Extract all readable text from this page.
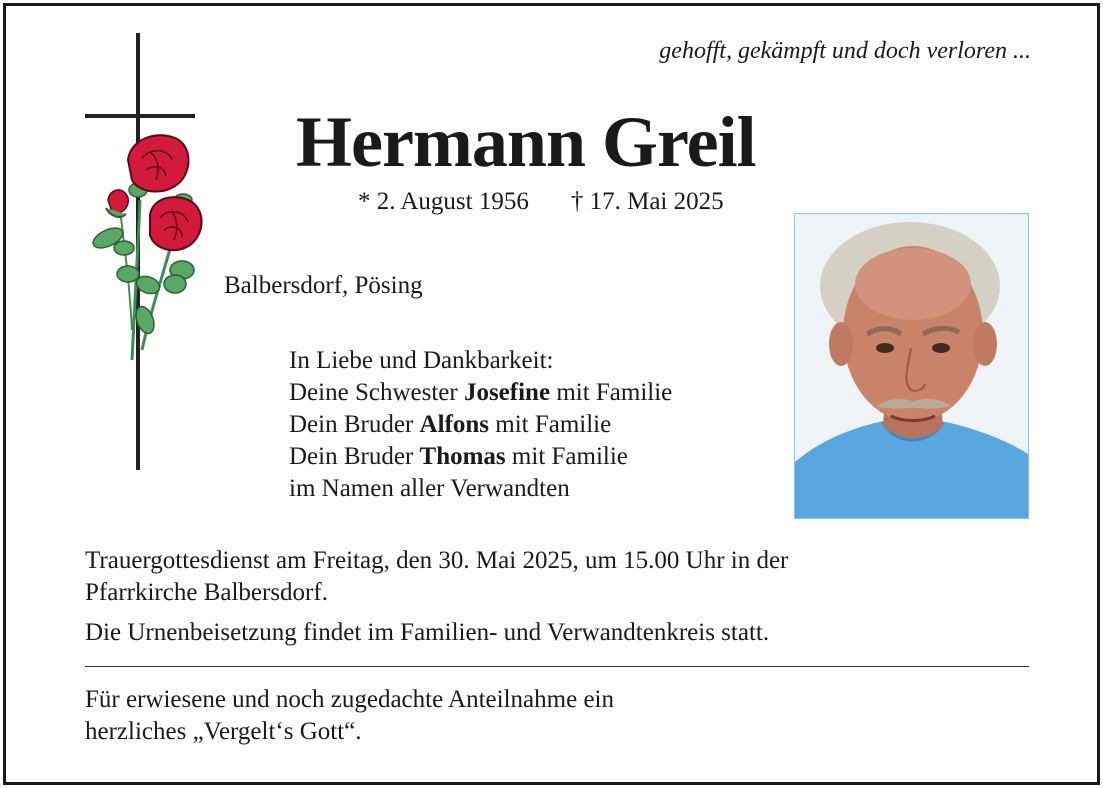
gehofft, gekämpft und doch verloren ...
Hermann Greil
* 2. August 1956 † 17. Mai 2025
Balbersdorf, Pösing
In Liebe und Dankbarkeit:
Deine Schwester Josefine mit Familie
Dein Bruder Alfons mit Familie
Dein Bruder Thomas mit Familie
im Namen aller Verwandten
Trauergottesdienst am Freitag, den 30. Mai 2025, um 15.00 Uhr in der
Pfarrkirche Balbersdorf.
Die Urnenbeisetzung findet im Familien- und Verwandtenkreis statt.
Für erwiesene und noch zugedachte Anteilnahme ein
herzliches „Vergelt‘s Gott“.
